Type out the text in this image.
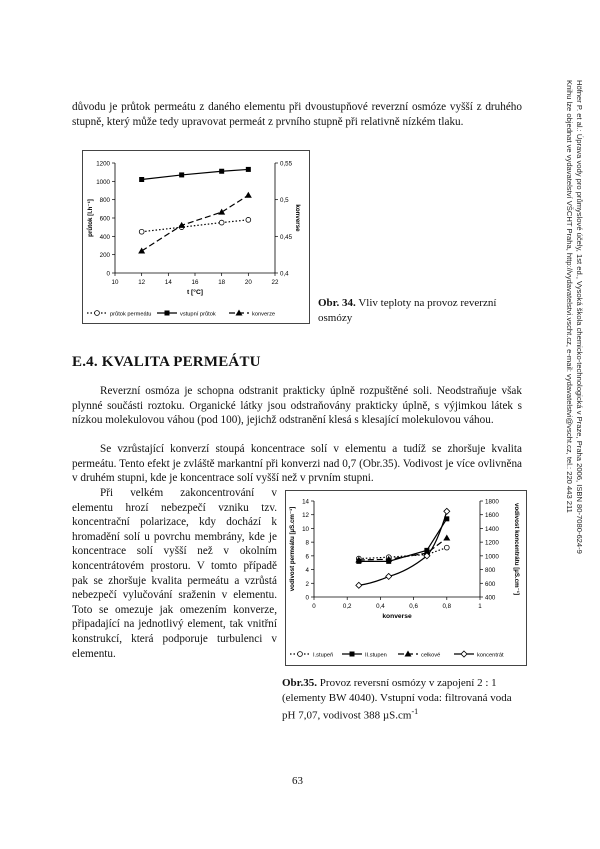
Höfner P. et al.: Úprava vody pro průmyslové účely, 1st ed., Vysoká škola chemicko-technologická v Praze, Praha 2006, ISBN 80-7080-624-9
Knihu lze objednat ve vydavatelství VŠCHT Praha, http://vydavatelstvi.vscht.cz, e-mail: vydavatelstvi@vscht.cz, tel.: 220 443 211

důvodu je průtok permeátu z daného elementu při dvoustupňové reverzní osmóze vyšší z druhého stupně, který může tedy upravovat permeát z prvního stupně při relativně nízkém tlaku.

10	12	14	16	18	20	22
0
200
400
600
800
1000
1200
0,4
0,45
0,5
0,55
t [°C]
průtok [l.h⁻¹]	konverse
průtok permeátu	vstupní průtok	konverze

Obr. 34. Vliv teploty na provoz reverzní osmózy

E.4. KVALITA PERMEÁTU

Reverzní osmóza je schopna odstranit prakticky úplně rozpuštěné soli. Neodstraňuje však plynné součásti roztoku. Organické látky jsou odstraňovány prakticky úplně, s výjimkou látek s nízkou molekulovou váhou (pod 100), jejichž odstranění klesá s klesající molekulovou váhou.

Se vzrůstající konverzí stoupá koncentrace solí v elementu a tudíž se zhoršuje kvalita permeátu. Tento efekt je zvláště markantní při konverzi nad 0,7 (Obr.35). Vodivost je více ovlivněna v druhém stupni, kde je koncentrace solí vyšší než v prvním stupni.

Při velkém zakoncentrování v elementu hrozí nebezpečí vzniku tzv. koncentrační polarizace, kdy dochází k hromadění solí u povrchu membrány, kde je koncentrace solí vyšší než v okolním koncentrátovém prostoru. V tomto případě pak se zhoršuje kvalita permeátu a vzrůstá nebezpečí vylučování sraženin v elementu. Toto se omezuje jak omezením konverze, připadající na jednotlivý element, tak vnitřní konstrukcí, která podporuje turbulenci v elementu.

0	0,2	0,4	0,6	0,8	1
0
2
4
6
8
10
12
14
400
600
800
1000
1200
1400
1600
1800
konverse
vodivost permeátu [µS.cm⁻¹]	vodivost koncentrátu [µS.cm⁻¹]
I.stupeň	II.stupen	celkové	koncentrát

Obr.35. Provoz reversní osmózy v zapojení 2 : 1 (elementy BW 4040). Vstupní voda: filtrovaná voda pH 7,07, vodivost 388 $\mu S.cm^{-1}$

63
